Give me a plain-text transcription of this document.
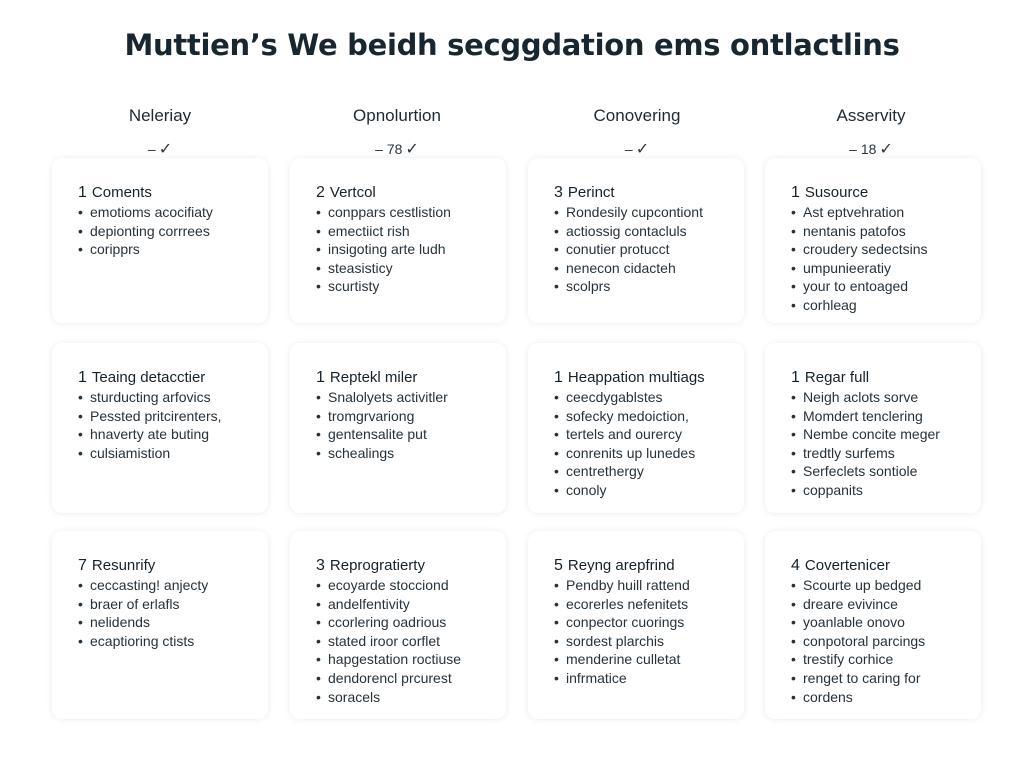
Muttien’s We beidh secggdation ems ontlactlins
Neleriay
– ✓
1 Coments
• emotioms acocifiaty
• depionting corrrees
• coripprs
1 Teaing detacctier
• sturducting arfovics
• Pessted pritcirenters,
• hnaverty ate buting
• culsiamistion
7 Resunrify
• ceccasting! anjecty
• braer of erlafls
• nelidends
• ecaptioring ctists
Opnolurtion
– 78 ✓
2 Vertcol
• conppars cestlistion
• emectiict rish
• insigoting arte ludh
• steasisticy
• scurtisty
1 Reptekl miler
• Snalolyets activitler
• tromgrvariong
• gentensalite put
• schealings
3 Reprogratierty
• ecoyarde stocciond
• andelfentivity
• ccorlering oadrious
• stated iroor corflet
• hapgestation roctiuse
• dendorencl prcurest
• soracels
Conovering
– ✓
3 Perinct
• Rondesily cupcontiont
• actiossig contacluls
• conutier protucct
• nenecon cidacteh
• scolprs
1 Heappation multiags
• ceecdygablstes
• sofecky medoiction,
• tertels and ourercy
• conrenits up lunedes
• centrethergy
• conoly
5 Reyng arepfrind
• Pendby huill rattend
• ecorerles nefenitets
• conpector cuorings
• sordest plarchis
• menderine culletat
• infrmatice
Asservity
– 18 ✓
1 Susource
• Ast eptvehration
• nentanis patofos
• croudery sedectsins
• umpunieeratiy
• your to entoaged
• corhleag
1 Regar full
• Neigh aclots sorve
• Momdert tenclering
• Nembe concite meger
• tredtly surfems
• Serfeclets sontiole
• coppanits
4 Covertenicer
• Scourte up bedged
• dreare evivince
• yoanlable onovo
• conpotoral parcings
• trestify corhice
• renget to caring for
• cordens
